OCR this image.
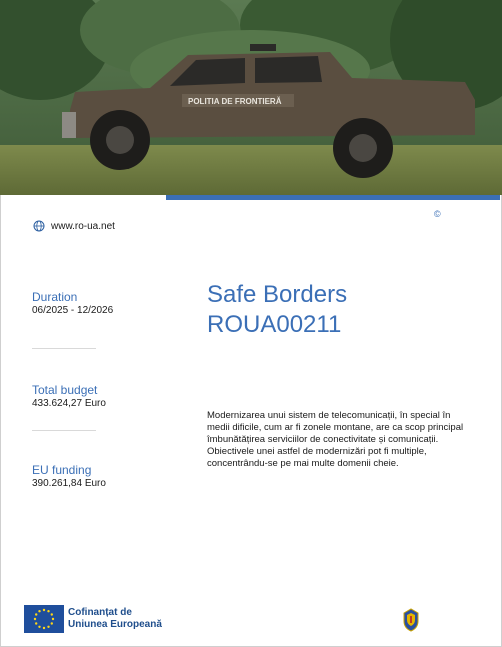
POLITIA DE FRONTIERĂ
©
www.ro-ua.net
Duration
06/2025 - 12/2026
Total budget
433.624,27 Euro
EU funding
390.261,84 Euro
Safe Borders
ROUA00211
Modernizarea unui sistem de telecomunicații, în special în medii dificile, cum ar fi zonele montane, are ca scop principal îmbunătățirea serviciilor de conectivitate și comunicații. Obiectivele unei astfel de modernizări pot fi multiple, concentrându-se pe mai multe domenii cheie.
Cofinanțat de
Uniunea Europeană
